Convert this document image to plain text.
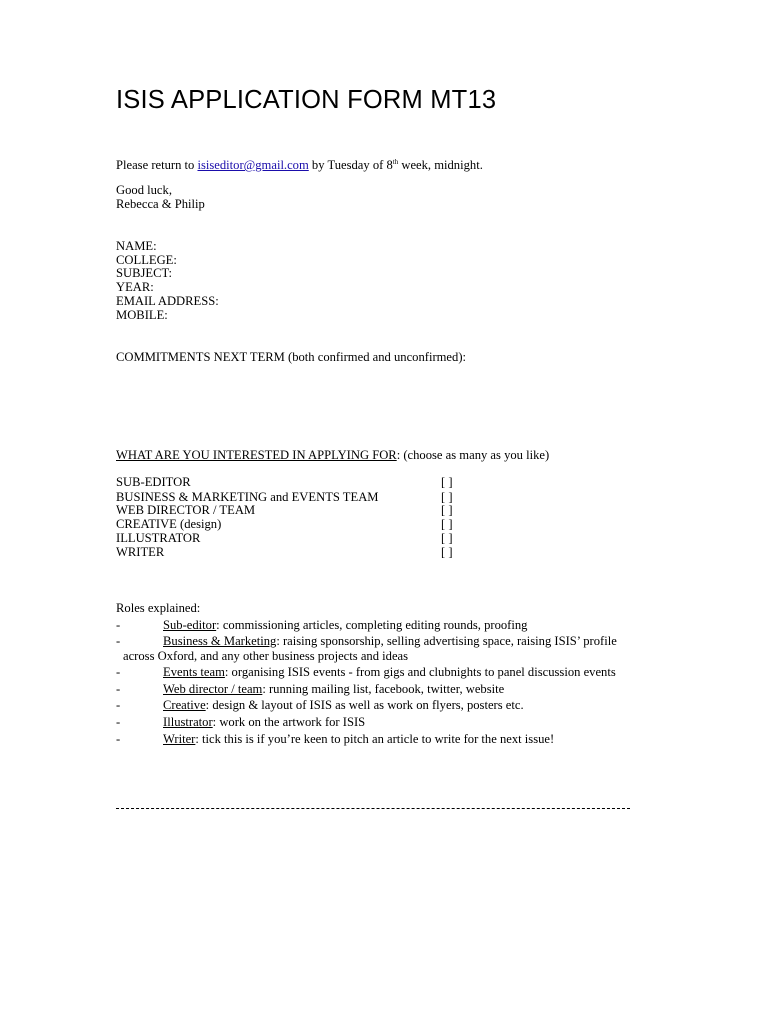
ISIS APPLICATION FORM MT13
Please return to isiseditor@gmail.com by Tuesday of 8th week, midnight.
Good luck,
Rebecca & Philip
NAME:
COLLEGE:
SUBJECT:
YEAR:
EMAIL ADDRESS:
MOBILE:
COMMITMENTS NEXT TERM (both confirmed and unconfirmed):
WHAT ARE YOU INTERESTED IN APPLYING FOR: (choose as many as you like)
SUB-EDITOR	[ ]
BUSINESS & MARKETING and EVENTS TEAM	[ ]
WEB DIRECTOR / TEAM	[ ]
CREATIVE (design)	[ ]
ILLUSTRATOR	[ ]
WRITER	[ ]
Roles explained:
-	Sub-editor: commissioning articles, completing editing rounds, proofing
-	Business & Marketing: raising sponsorship, selling advertising space, raising ISIS’ profile
across Oxford, and any other business projects and ideas
-	Events team: organising ISIS events - from gigs and clubnights to panel discussion events
-	Web director / team: running mailing list, facebook, twitter, website
-	Creative: design & layout of ISIS as well as work on flyers, posters etc.
-	Illustrator: work on the artwork for ISIS
-	Writer: tick this is if you’re keen to pitch an article to write for the next issue!
